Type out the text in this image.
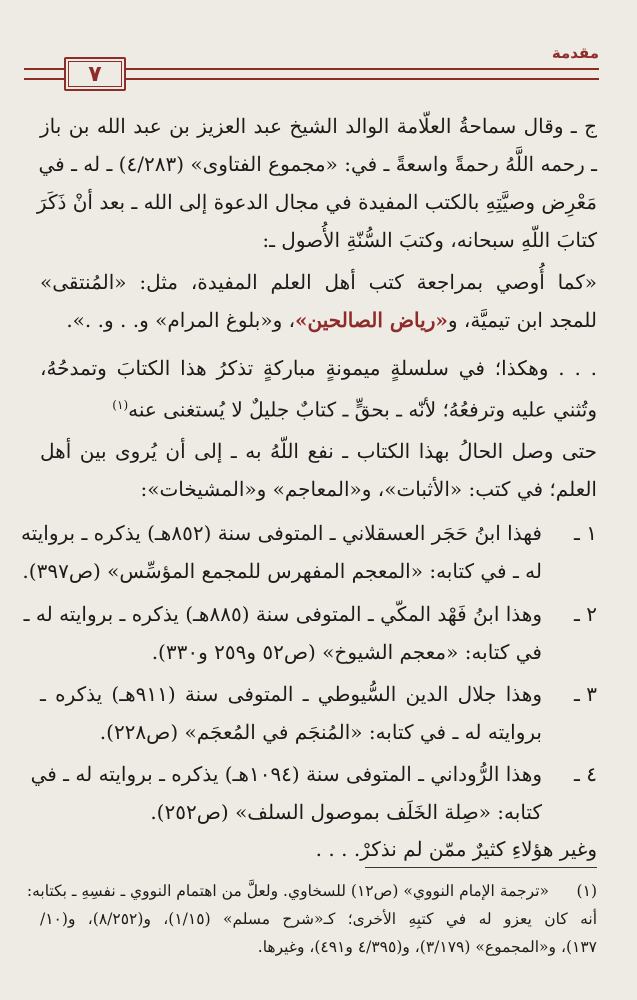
مقدمة
٧
ج ـ وقال سماحةُ العلّامة الوالد الشيخ عبد العزيز بن عبد الله بن باز
ـ رحمه اللَّهُ رحمةً واسعةً ـ في: «مجموع الفتاوى» (٤/٢٨٣) ـ له ـ في
مَعْرِض وصيَّتِهِ بالكتب المفيدة في مجال الدعوة إلى الله ـ بعد أنْ ذَكَرَ
كتابَ اللّهِ سبحانه، وكتبَ السُّنّةِ الأُصول ـ:
«كما أُوصي بمراجعة كتب أهل العلم المفيدة، مثل: «المُنتقى»
للمجد ابن تيميَّة، و«رياض الصالحين»، و«بلوغ المرام» و. . و. .».
. . . وهكذا؛ في سلسلةٍ ميمونةٍ مباركةٍ تذكرُ هذا الكتابَ وتمدحُهُ،
وتُثني عليه وترفعُهُ؛ لأنّه ـ بحقٍّ ـ كتابٌ جليلٌ لا يُستغنى عنه$^{(١)}$
حتى وصل الحالُ بهذا الكتاب ـ نفع اللّهُ به ـ إلى أن يُروى بين أهل
العلم؛ في كتب: «الأثبات»، و«المعاجم» و«المشيخات»:
١ ـ
فهذا ابنُ حَجَر العسقلاني ـ المتوفى سنة (٨٥٢هـ) يذكره ـ بروايته
له ـ في كتابه: «المعجم المفهرس للمجمع المؤسِّس» (ص٣٩٧).
٢ ـ
وهذا ابنُ فَهْد المكّي ـ المتوفى سنة (٨٨٥هـ) يذكره ـ بروايته له ـ
في كتابه: «معجم الشيوخ» (ص٥٢ و٢٥٩ و٣٣٠).
٣ ـ
وهذا جلال الدين السُّيوطي ـ المتوفى سنة (٩١١هـ) يذكره ـ
بروايته له ـ في كتابه: «المُنجَم في المُعجَم» (ص٢٢٨).
٤ ـ
وهذا الرُّوداني ـ المتوفى سنة (١٠٩٤هـ) يذكره ـ بروايته له ـ في
كتابه: «صِلة الخَلَف بموصول السلف» (ص٢٥٢).
وغير هؤلاءِ كثيرٌ ممّن لم نذكرْ. . . .
(١)
«ترجمة الإمام النووي» (ص١٢) للسخاوي. ولعلَّ من اهتمام النووي ـ نفسِهِ ـ بكتابه:
أنه كان يعزو له في كتبِهِ الأخرى؛ كـ«شرح مسلم» (١/١٥)، و(٨/٢٥٢)، و(١٠/
١٣٧)، و«المجموع» (٣/١٧٩)، و(٤/٣٩٥ و٤٩١)، وغيرها.
